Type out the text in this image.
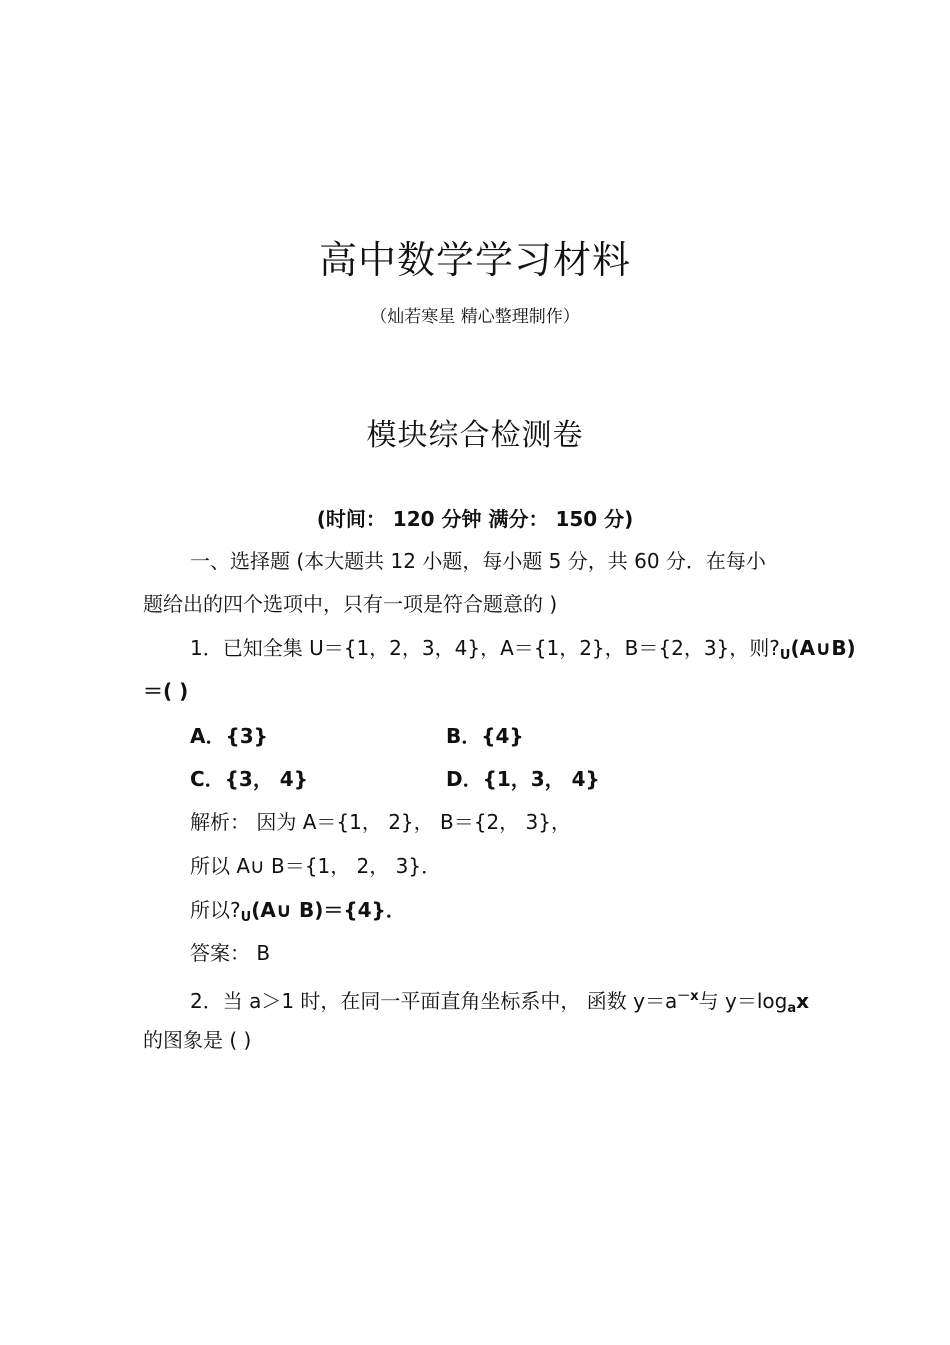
高中数学学习材料
（灿若寒星 精心整理制作）
模块综合检测卷
(时间： 120 分钟 满分： 150 分)
一、选择题 (本大题共 12 小题，每小题 5 分，共 60 分．在每小
题给出的四个选项中，只有一项是符合题意的 )
1．已知全集 U＝{1，2，3，4}，A＝{1，2}，B＝{2，3}，则$?_U(A\cup B)$
＝( )
A．{3}	B．{4}
C．{3， 4}	D．{1，3， 4}
解析： 因为 A＝{1， 2}， B＝{2， 3}，
所以 A∪ B＝{1， 2， 3}．
所以$?_U(A\cup$ B)＝{4}．
答案： B
2．当 a＞1 时，在同一平面直角坐标系中， 函数 $y=a^{-x}$与 $y=\log_ax$
的图象是 ( )
